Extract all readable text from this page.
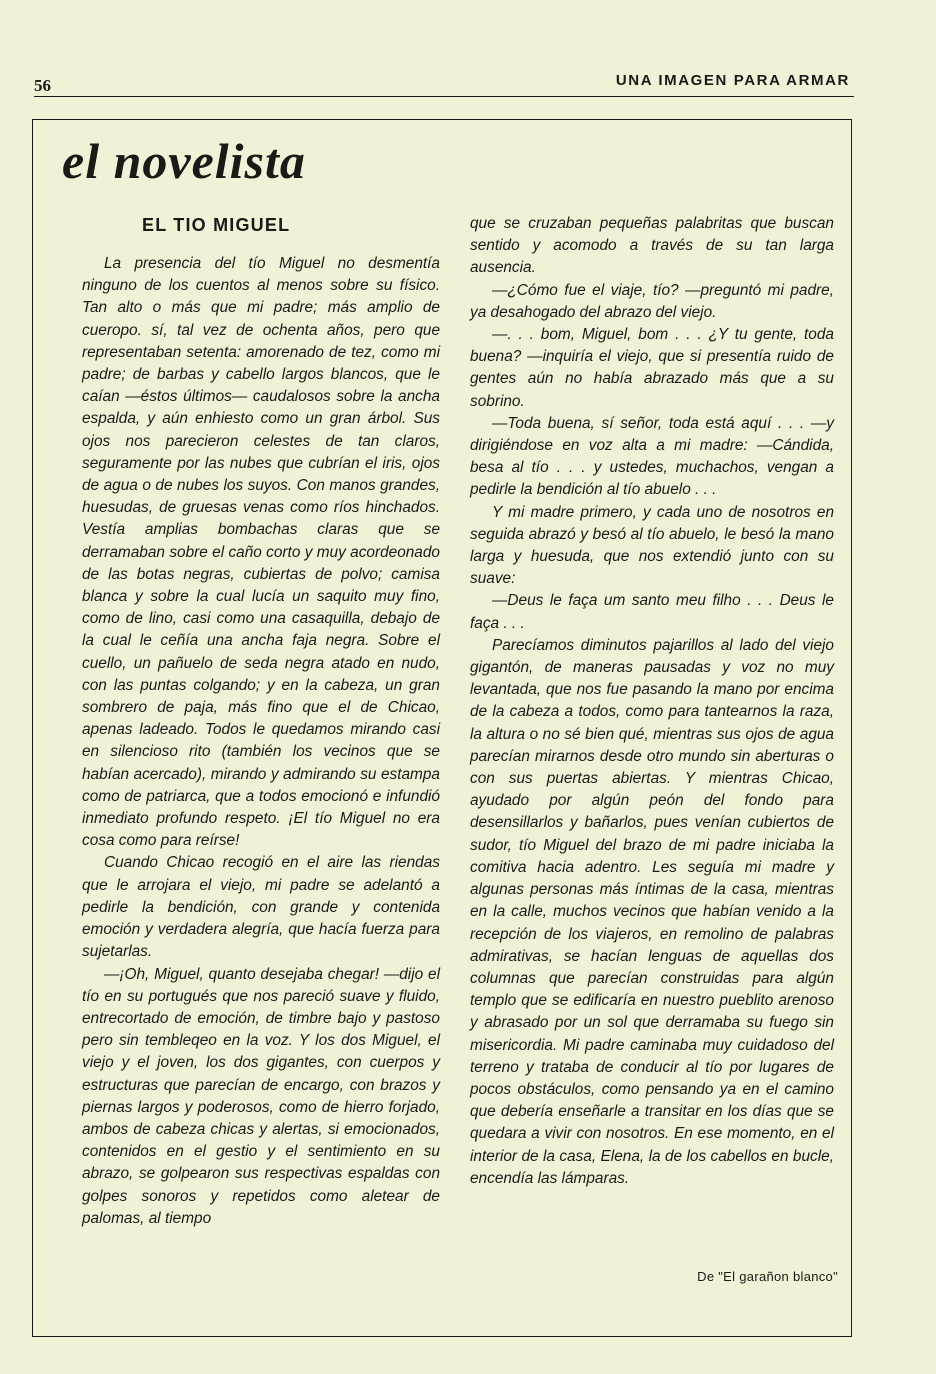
56	UNA IMAGEN PARA ARMAR
el novelista
EL TIO MIGUEL

La presencia del tío Miguel no desmentía ninguno de los cuentos al menos sobre su físico. Tan alto o más que mi padre; más amplio de cueropo. sí, tal vez de ochenta años, pero que representaban setenta: amorenado de tez, como mi padre; de barbas y cabello largos blancos, que le caían —éstos últimos— caudalosos sobre la ancha espalda, y aún enhiesto como un gran árbol. Sus ojos nos parecieron celestes de tan claros, seguramente por las nubes que cubrían el iris, ojos de agua o de nubes los suyos. Con manos grandes, huesudas, de gruesas venas como ríos hinchados. Vestía amplias bombachas claras que se derramaban sobre el caño corto y muy acordeonado de las botas negras, cubiertas de polvo; camisa blanca y sobre la cual lucía un saquito muy fino, como de lino, casi como una casaquilla, debajo de la cual le ceñía una ancha faja negra. Sobre el cuello, un pañuelo de seda negra atado en nudo, con las puntas colgando; y en la cabeza, un gran sombrero de paja, más fino que el de Chicao, apenas ladeado. Todos le quedamos mirando casi en silencioso rito (también los vecinos que se habían acercado), mirando y admirando su estampa como de patriarca, que a todos emocionó e infundió inmediato profundo respeto. ¡El tío Miguel no era cosa como para reírse!

Cuando Chicao recogió en el aire las riendas que le arrojara el viejo, mi padre se adelantó a pedirle la bendición, con grande y contenida emoción y verdadera alegría, que hacía fuerza para sujetarlas.

—¡Oh, Miguel, quanto desejaba chegar! —dijo el tío en su portugués que nos pareció suave y fluido, entrecortado de emoción, de timbre bajo y pastoso pero sin tembleqeo en la voz. Y los dos Miguel, el viejo y el joven, los dos gigantes, con cuerpos y estructuras que parecían de encargo, con brazos y piernas largos y poderosos, como de hierro forjado, ambos de cabeza chicas y alertas, si emocionados, contenidos en el gestio y el sentimiento en su abrazo, se golpearon sus respectivas espaldas con golpes sonoros y repetidos como aletear de palomas, al tiempo

que se cruzaban pequeñas palabritas que buscan sentido y acomodo a través de su tan larga ausencia.

—¿Cómo fue el viaje, tío? —preguntó mi padre, ya desahogado del abrazo del viejo.

—. . . bom, Miguel, bom . . . ¿Y tu gente, toda buena? —inquiría el viejo, que si presentía ruido de gentes aún no había abrazado más que a su sobrino.

—Toda buena, sí señor, toda está aquí . . . —y dirigiéndose en voz alta a mi madre: —Cándida, besa al tío . . . y ustedes, muchachos, vengan a pedirle la bendición al tío abuelo . . .

Y mi madre primero, y cada uno de nosotros en seguida abrazó y besó al tío abuelo, le besó la mano larga y huesuda, que nos extendió junto con su suave:

—Deus le faça um santo meu filho . . . Deus le faça . . .

Parecíamos diminutos pajarillos al lado del viejo gigantón, de maneras pausadas y voz no muy levantada, que nos fue pasando la mano por encima de la cabeza a todos, como para tantearnos la raza, la altura o no sé bien qué, mientras sus ojos de agua parecían mirarnos desde otro mundo sin aberturas o con sus puertas abiertas. Y mientras Chicao, ayudado por algún peón del fondo para desensillarlos y bañarlos, pues venían cubiertos de sudor, tío Miguel del brazo de mi padre iniciaba la comitiva hacia adentro. Les seguía mi madre y algunas personas más íntimas de la casa, mientras en la calle, muchos vecinos que habían venido a la recepción de los viajeros, en remolino de palabras admirativas, se hacían lenguas de aquellas dos columnas que parecían construidas para algún templo que se edificaría en nuestro pueblito arenoso y abrasado por un sol que derramaba su fuego sin misericordia. Mi padre caminaba muy cuidadoso del terreno y trataba de conducir al tío por lugares de pocos obstáculos, como pensando ya en el camino que debería enseñarle a transitar en los días que se quedara a vivir con nosotros. En ese momento, en el interior de la casa, Elena, la de los cabellos en bucle, encendía las lámparas.

De "El garañon blanco"
